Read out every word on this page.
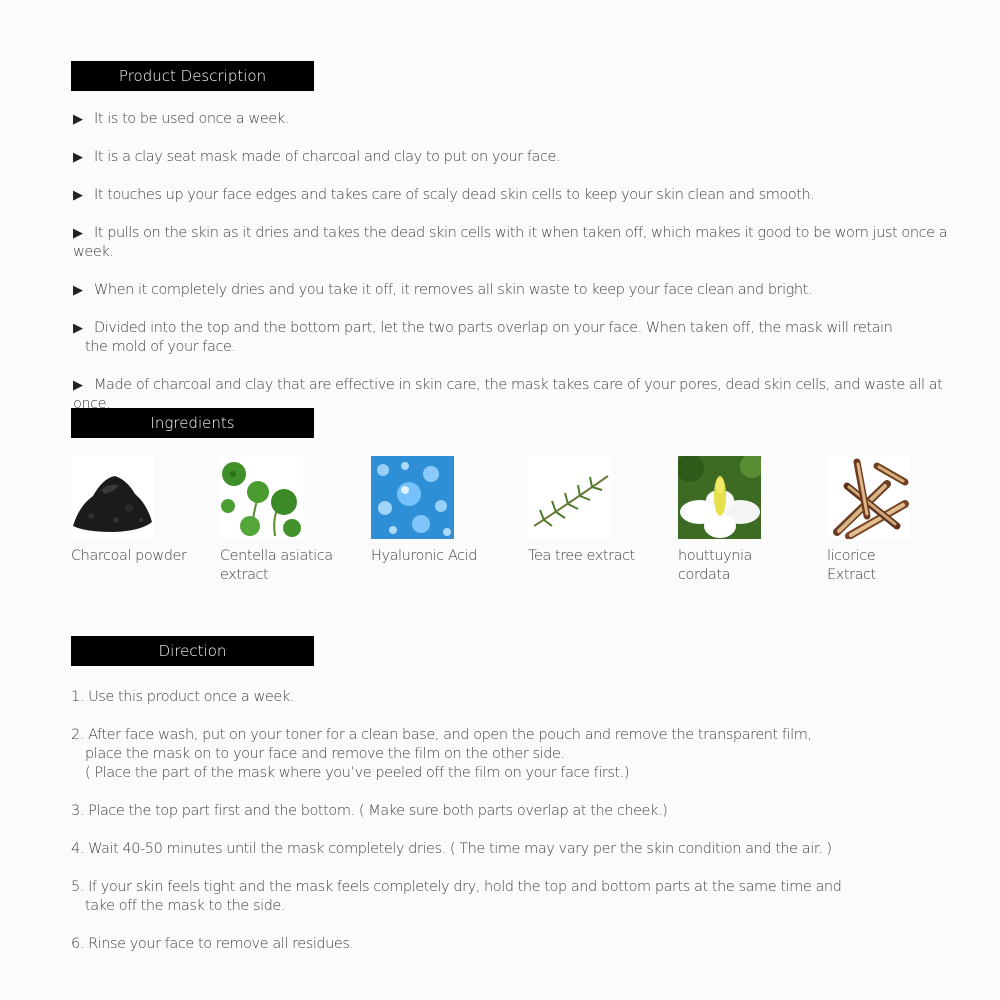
Product Description
Ingredients
Direction
▶ It is to be used once a week.
▶ It is a clay seat mask made of charcoal and clay to put on your face.
▶ It touches up your face edges and takes care of scaly dead skin cells to keep your skin clean and smooth.
▶ It pulls on the skin as it dries and takes the dead skin cells with it when taken off, which makes it good to be worn just once a week.
▶ When it completely dries and you take it off, it removes all skin waste to keep your face clean and bright.
▶ Divided into the top and the bottom part, let the two parts overlap on your face. When taken off, the mask will retain
the mold of your face.
▶ Made of charcoal and clay that are effective in skin care, the mask takes care of your pores, dead skin cells, and waste all at once.
Charcoal powder	Centella asiatica
extract
Hyaluronic Acid	Tea tree extract	houttuynia
cordata
licorice
Extract
1. Use this product once a week.
2. After face wash, put on your toner for a clean base, and open the pouch and remove the transparent film,
place the mask on to your face and remove the film on the other side.
( Place the part of the mask where you’ve peeled off the film on your face first.)
3. Place the top part first and the bottom. ( Make sure both parts overlap at the cheek.)
4. Wait 40-50 minutes until the mask completely dries. ( The time may vary per the skin condition and the air. )
5. If your skin feels tight and the mask feels completely dry, hold the top and bottom parts at the same time and
take off the mask to the side.
6. Rinse your face to remove all residues.
